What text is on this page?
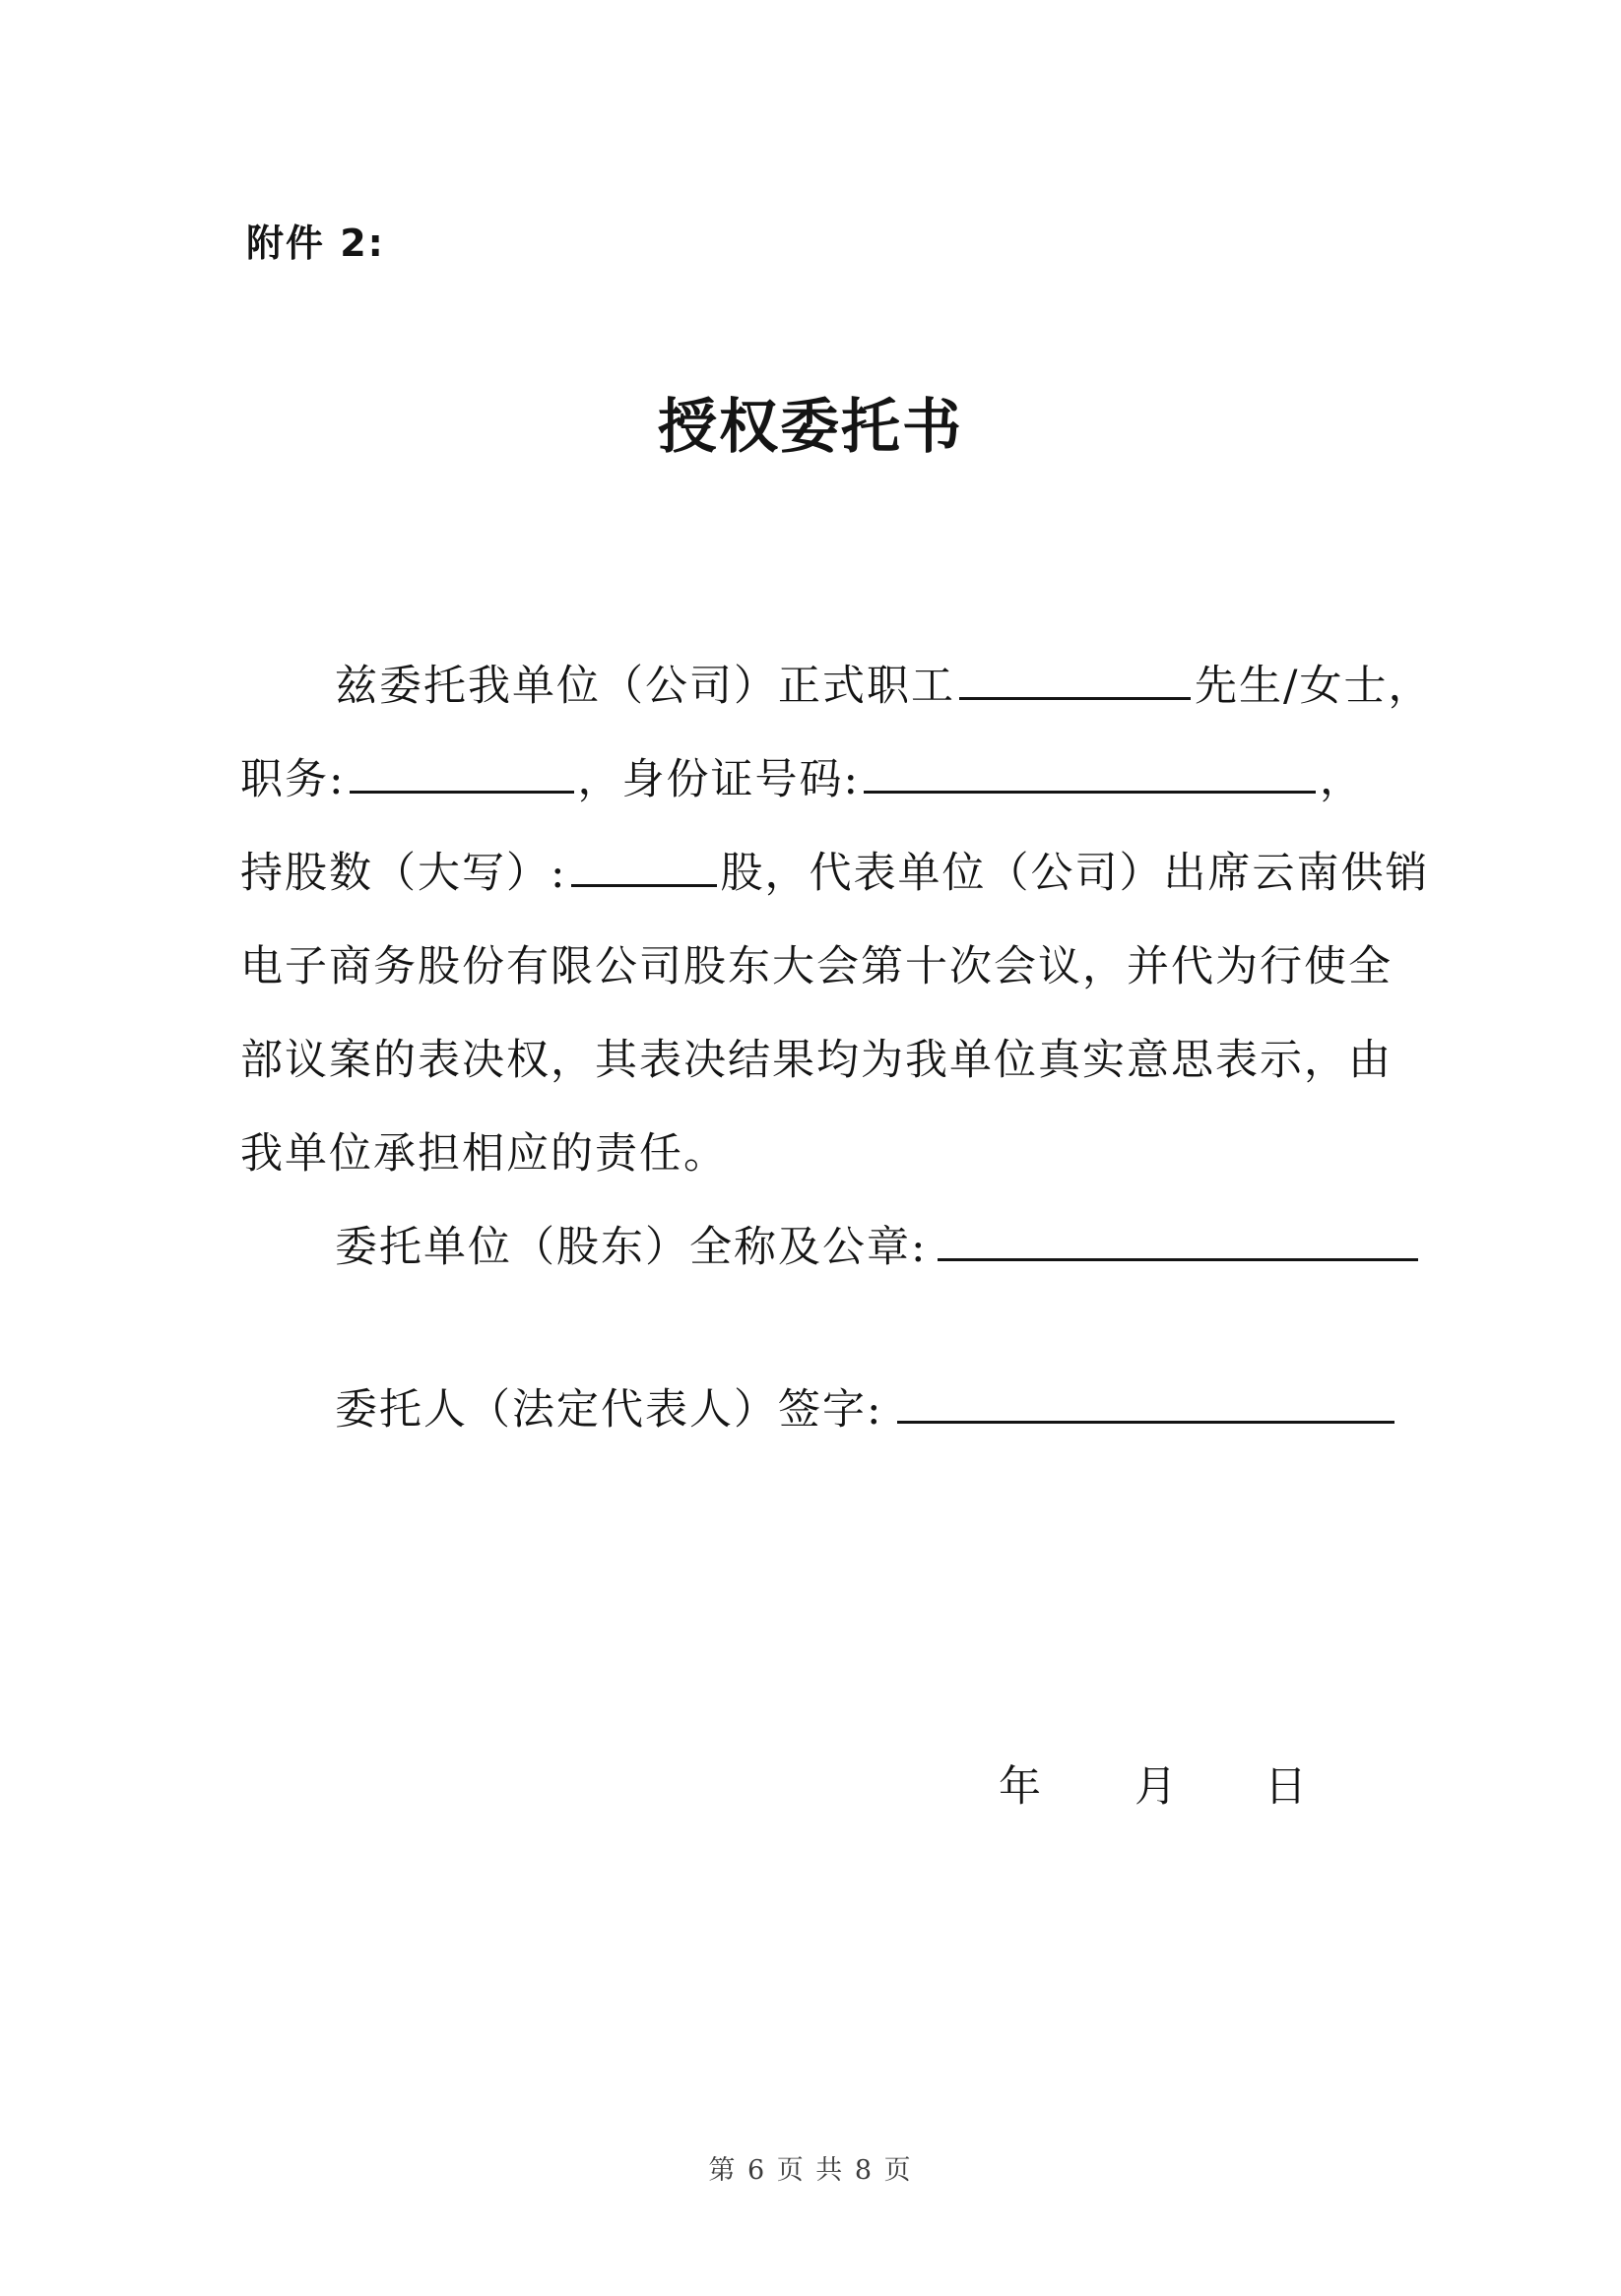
附件 2:
授权委托书
兹委托我单位（公司）正式职工	先生/女士，
职务:	，身份证号码:	，
持股数（大写）:	股，代表单位（公司）出席云南供销
电子商务股份有限公司股东大会第十次会议，并代为行使全
部议案的表决权，其表决结果均为我单位真实意思表示，由
我单位承担相应的责任。
委托单位（股东）全称及公章:
委托人（法定代表人）签字:
年 月 日
第 6 页 共 8 页
